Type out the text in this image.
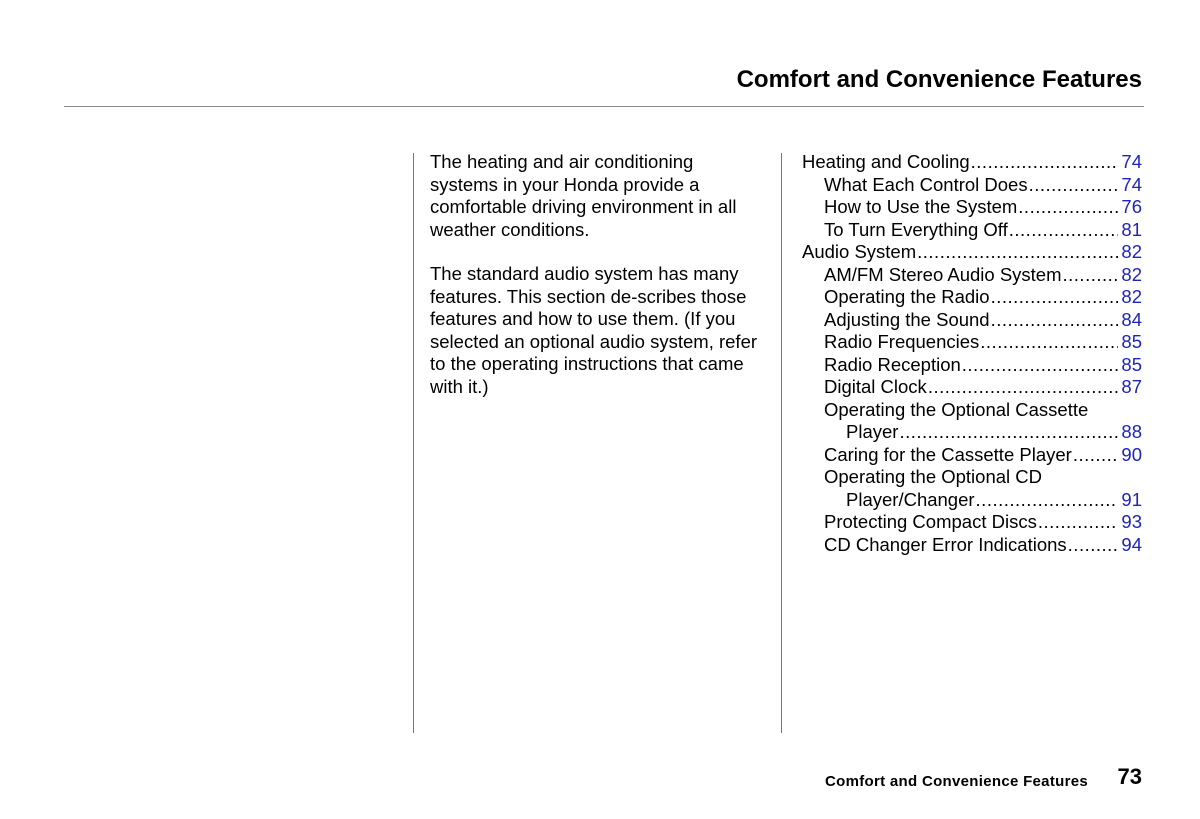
Comfort and Convenience Features

The heating and air conditioning systems in your Honda provide a comfortable driving environment in all weather conditions.

The standard audio system has many features. This section de-scribes those features and how to use them. (If you selected an optional audio system, refer to the operating instructions that came with it.)

Heating and Cooling .....	74
What Each Control Does .....	74
How to Use the System .....	76
To Turn Everything Off .....	81
Audio System .....	82
AM/FM Stereo Audio System .....	82
Operating the Radio .....	82
Adjusting the Sound .....	84
Radio Frequencies .....	85
Radio Reception .....	85
Digital Clock .....	87
Operating the Optional Cassette
Player .....	88
Caring for the Cassette Player .....	90
Operating the Optional CD
Player/Changer .....	91
Protecting Compact Discs .....	93
CD Changer Error Indications .....	94
Comfort and Convenience Features 73
